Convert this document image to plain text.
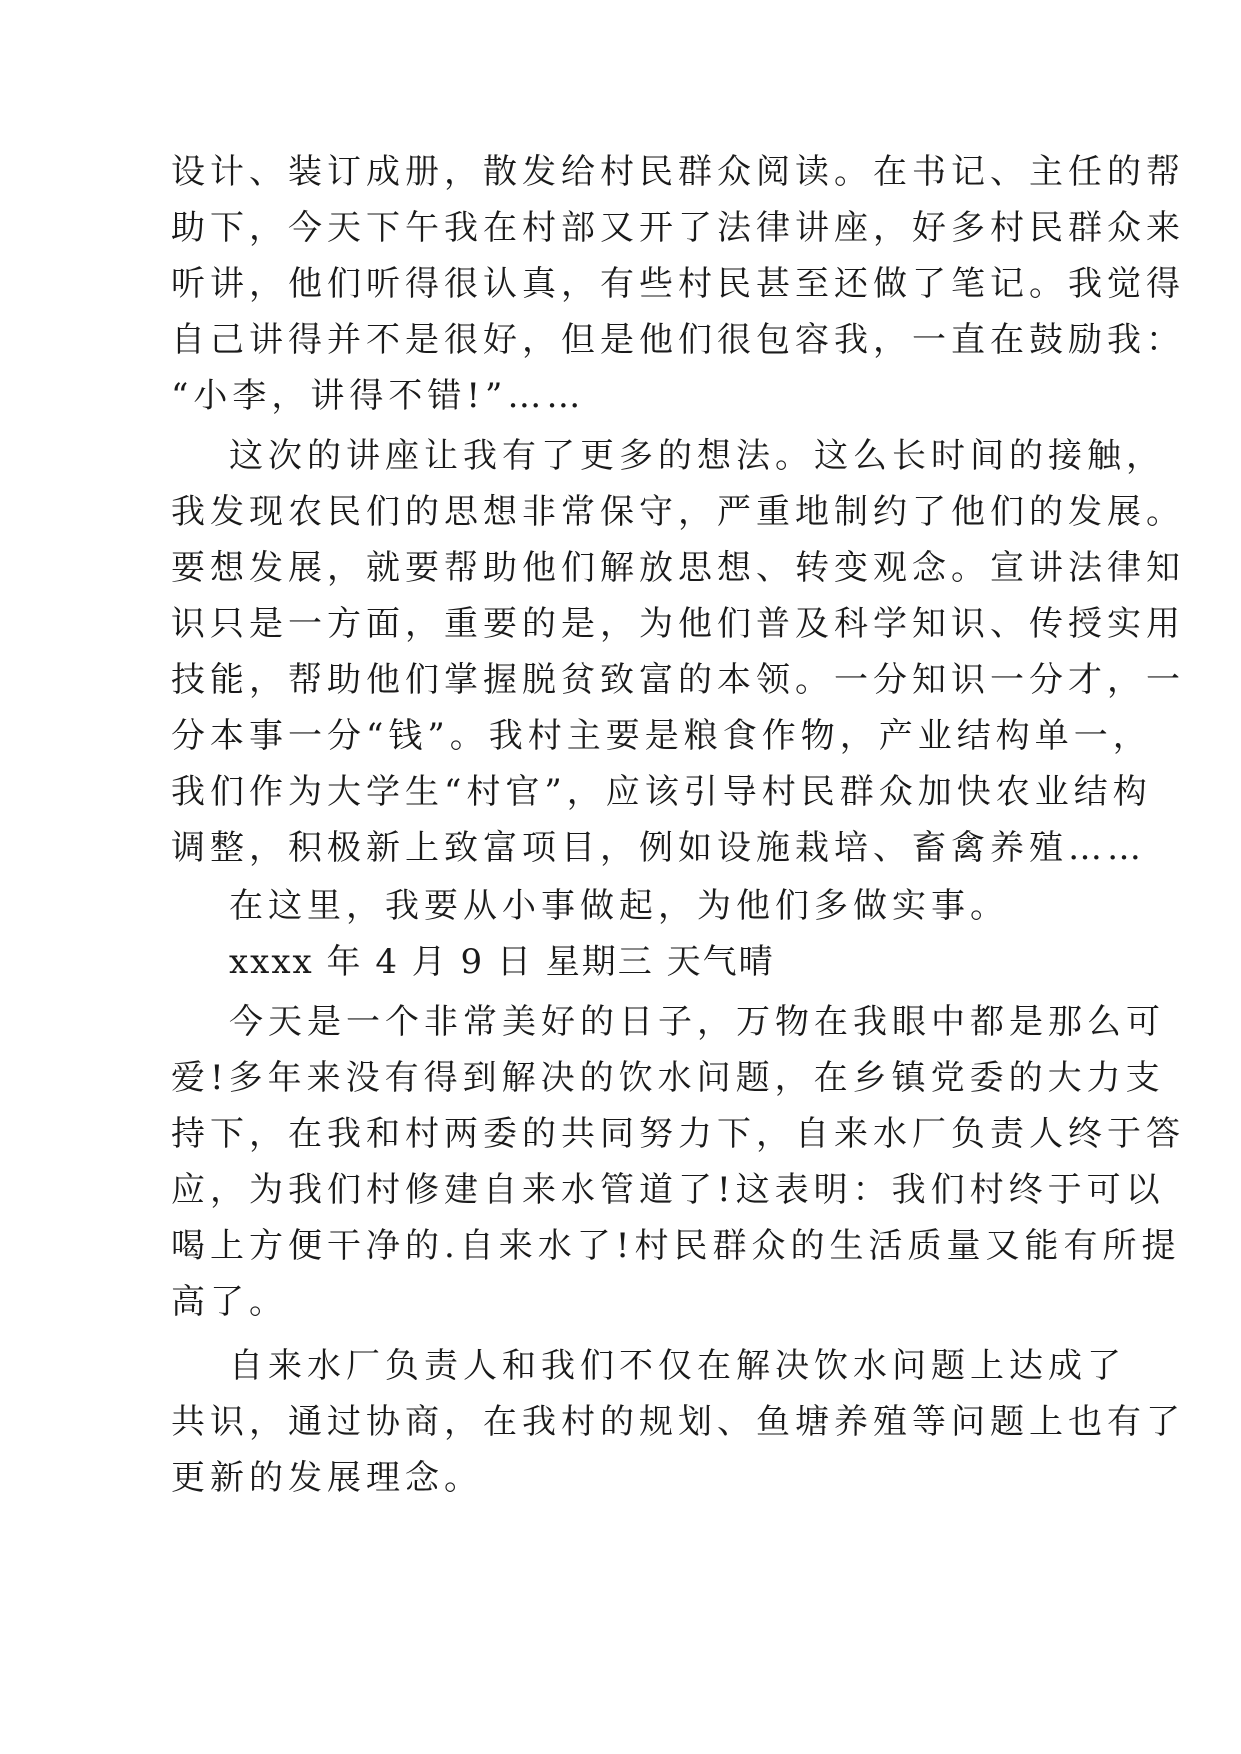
设计、装订成册，散发给村民群众阅读。在书记、主任的帮
助下，今天下午我在村部又开了法律讲座，好多村民群众来
听讲，他们听得很认真，有些村民甚至还做了笔记。我觉得
自己讲得并不是很好，但是他们很包容我，一直在鼓励我：
“小李，讲得不错!”……
这次的讲座让我有了更多的想法。这么长时间的接触，
我发现农民们的思想非常保守，严重地制约了他们的发展。
要想发展，就要帮助他们解放思想、转变观念。宣讲法律知
识只是一方面，重要的是，为他们普及科学知识、传授实用
技能，帮助他们掌握脱贫致富的本领。一分知识一分才，一
分本事一分“钱”。我村主要是粮食作物，产业结构单一，
我们作为大学生“村官”，应该引导村民群众加快农业结构
调整，积极新上致富项目，例如设施栽培、畜禽养殖……
在这里，我要从小事做起，为他们多做实事。
xxxx 年 4 月 9 日 星期三 天气晴
今天是一个非常美好的日子，万物在我眼中都是那么可
爱!多年来没有得到解决的饮水问题，在乡镇党委的大力支
持下，在我和村两委的共同努力下，自来水厂负责人终于答
应，为我们村修建自来水管道了!这表明：我们村终于可以
喝上方便干净的.自来水了!村民群众的生活质量又能有所提
高了。
自来水厂负责人和我们不仅在解决饮水问题上达成了
共识，通过协商，在我村的规划、鱼塘养殖等问题上也有了
更新的发展理念。
